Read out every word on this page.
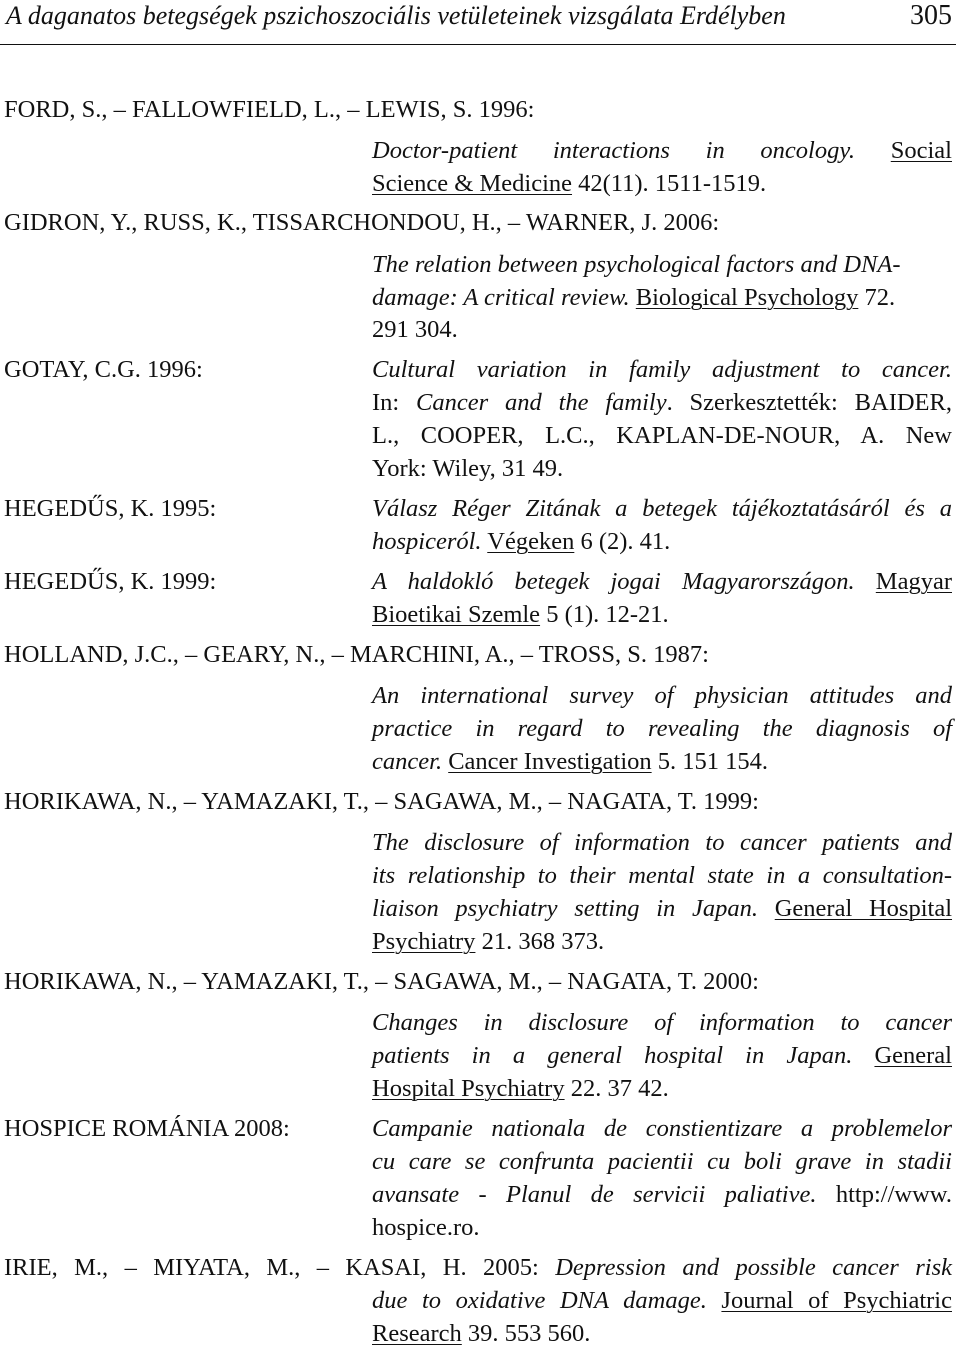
A daganatos betegségek pszichoszociális vetületeinek vizsgálata Erdélyben	305
FORD, S., – FALLOWFIELD, L., – LEWIS, S. 1996:
Doctor-patient interactions in oncology. Social
Science & Medicine 42(11). 1511-1519.
GIDRON, Y., RUSS, K., TISSARCHONDOU, H., – WARNER, J. 2006:
The relation between psychological factors and DNA-
damage: A critical review. Biological Psychology 72.
291 304.
GOTAY, C.G. 1996:	Cultural variation in family adjustment to cancer.
In: Cancer and the family. Szerkesztették: BAIDER,
L., COOPER, L.C., KAPLAN-DE-NOUR, A. New
York: Wiley, 31 49.
HEGEDŰS, K. 1995:	Válasz Réger Zitának a betegek tájékoztatásáról és a
hospiceról. Végeken 6 (2). 41.
HEGEDŰS, K. 1999:	A haldokló betegek jogai Magyarországon. Magyar
Bioetikai Szemle 5 (1). 12-21.
HOLLAND, J.C., – GEARY, N., – MARCHINI, A., – TROSS, S. 1987:
An international survey of physician attitudes and
practice in regard to revealing the diagnosis of
cancer. Cancer Investigation 5. 151 154.
HORIKAWA, N., – YAMAZAKI, T., – SAGAWA, M., – NAGATA, T. 1999:
The disclosure of information to cancer patients and
its relationship to their mental state in a consultation-
liaison psychiatry setting in Japan. General Hospital
Psychiatry 21. 368 373.
HORIKAWA, N., – YAMAZAKI, T., – SAGAWA, M., – NAGATA, T. 2000:
Changes in disclosure of information to cancer
patients in a general hospital in Japan. General
Hospital Psychiatry 22. 37 42.
HOSPICE ROMÁNIA 2008:	Campanie nationala de constientizare a problemelor
cu care se confrunta pacientii cu boli grave in stadii
avansate - Planul de servicii paliative. http://www.
hospice.ro.
IRIE, M., – MIYATA, M., – KASAI, H. 2005: Depression and possible cancer risk
due to oxidative DNA damage. Journal of Psychiatric
Research 39. 553 560.
